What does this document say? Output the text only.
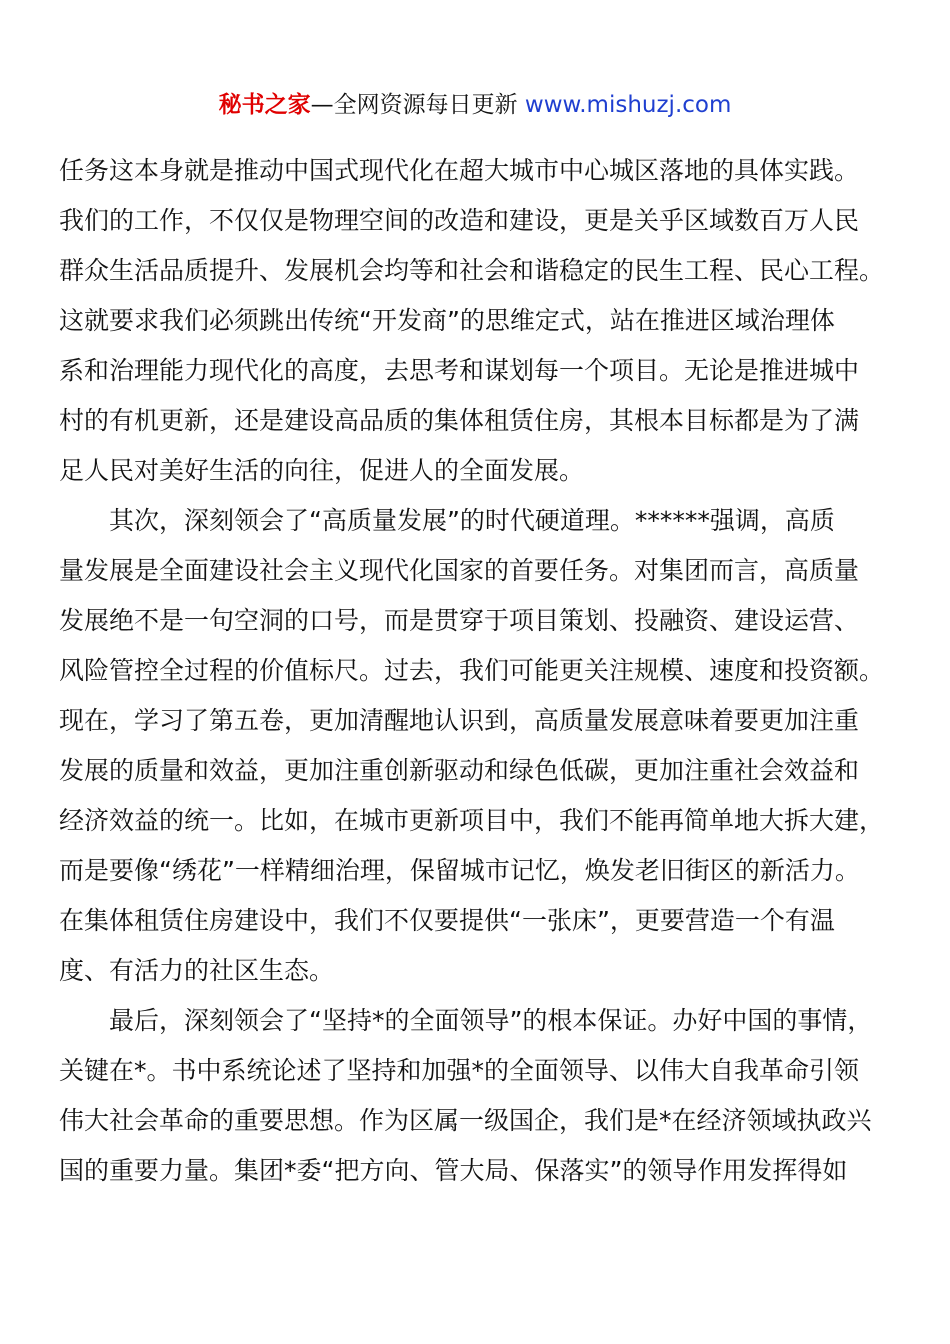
秘书之家—全网资源每日更新 www.mishuzj.com
任务这本身就是推动中国式现代化在超大城市中心城区落地的具体实践。
我们的工作，不仅仅是物理空间的改造和建设，更是关乎区域数百万人民
群众生活品质提升、发展机会均等和社会和谐稳定的民生工程、民心工程。
这就要求我们必须跳出传统“开发商”的思维定式，站在推进区域治理体
系和治理能力现代化的高度，去思考和谋划每一个项目。无论是推进城中
村的有机更新，还是建设高品质的集体租赁住房，其根本目标都是为了满
足人民对美好生活的向往，促进人的全面发展。
其次，深刻领会了“高质量发展”的时代硬道理。******强调，高质
量发展是全面建设社会主义现代化国家的首要任务。对集团而言，高质量
发展绝不是一句空洞的口号，而是贯穿于项目策划、投融资、建设运营、
风险管控全过程的价值标尺。过去，我们可能更关注规模、速度和投资额。
现在，学习了第五卷，更加清醒地认识到，高质量发展意味着要更加注重
发展的质量和效益，更加注重创新驱动和绿色低碳，更加注重社会效益和
经济效益的统一。比如，在城市更新项目中，我们不能再简单地大拆大建，
而是要像“绣花”一样精细治理，保留城市记忆，焕发老旧街区的新活力。
在集体租赁住房建设中，我们不仅要提供“一张床”，更要营造一个有温
度、有活力的社区生态。
最后，深刻领会了“坚持*的全面领导”的根本保证。办好中国的事情，
关键在*。书中系统论述了坚持和加强*的全面领导、以伟大自我革命引领
伟大社会革命的重要思想。作为区属一级国企，我们是*在经济领域执政兴
国的重要力量。集团*委“把方向、管大局、保落实”的领导作用发挥得如
